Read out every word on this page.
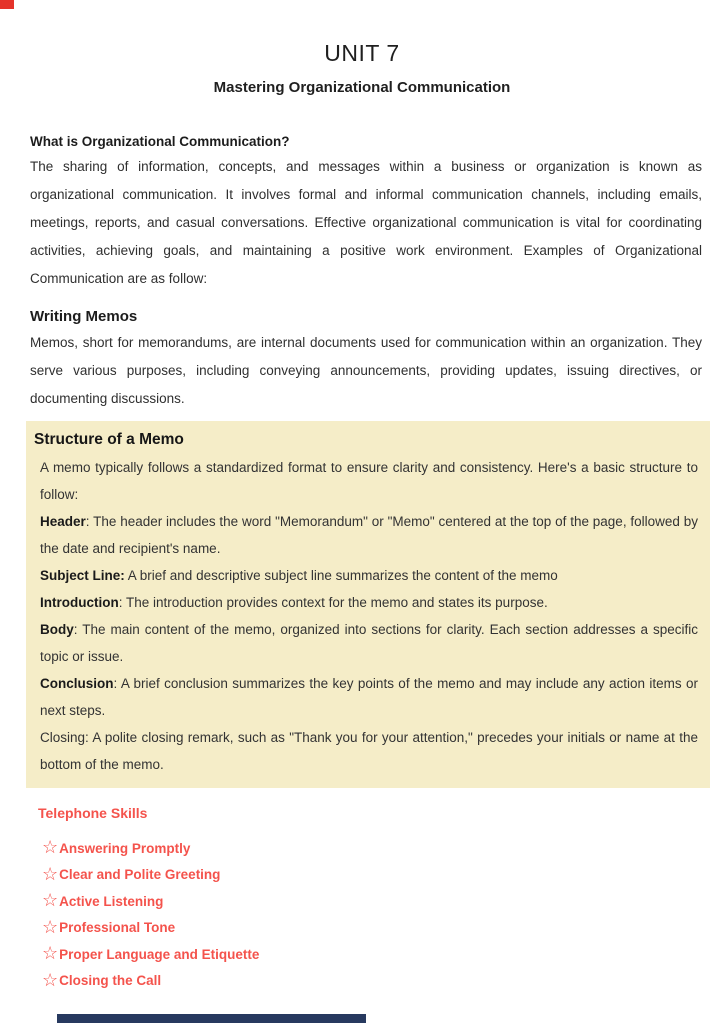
UNIT 7
Mastering Organizational Communication
What is Organizational Communication?

The sharing of information, concepts, and messages within a business or organization is known as organizational communication. It involves formal and informal communication channels, including emails, meetings, reports, and casual conversations. Effective organizational communication is vital for coordinating activities, achieving goals, and maintaining a positive work environment. Examples of Organizational Communication are as follow:

Writing Memos

Memos, short for memorandums, are internal documents used for communication within an organization. They serve various purposes, including conveying announcements, providing updates, issuing directives, or documenting discussions.

Structure of a Memo

A memo typically follows a standardized format to ensure clarity and consistency. Here's a basic structure to follow:

Header: The header includes the word "Memorandum" or "Memo" centered at the top of the page, followed by the date and recipient's name.

Subject Line: A brief and descriptive subject line summarizes the content of the memo

Introduction: The introduction provides context for the memo and states its purpose.

Body: The main content of the memo, organized into sections for clarity. Each section addresses a specific topic or issue.

Conclusion: A brief conclusion summarizes the key points of the memo and may include any action items or next steps.

Closing: A polite closing remark, such as "Thank you for your attention," precedes your initials or name at the bottom of the memo.

Telephone Skills
☆ Answering Promptly
☆ Clear and Polite Greeting
☆ Active Listening
☆ Professional Tone
☆ Proper Language and Etiquette
☆ Closing the Call
